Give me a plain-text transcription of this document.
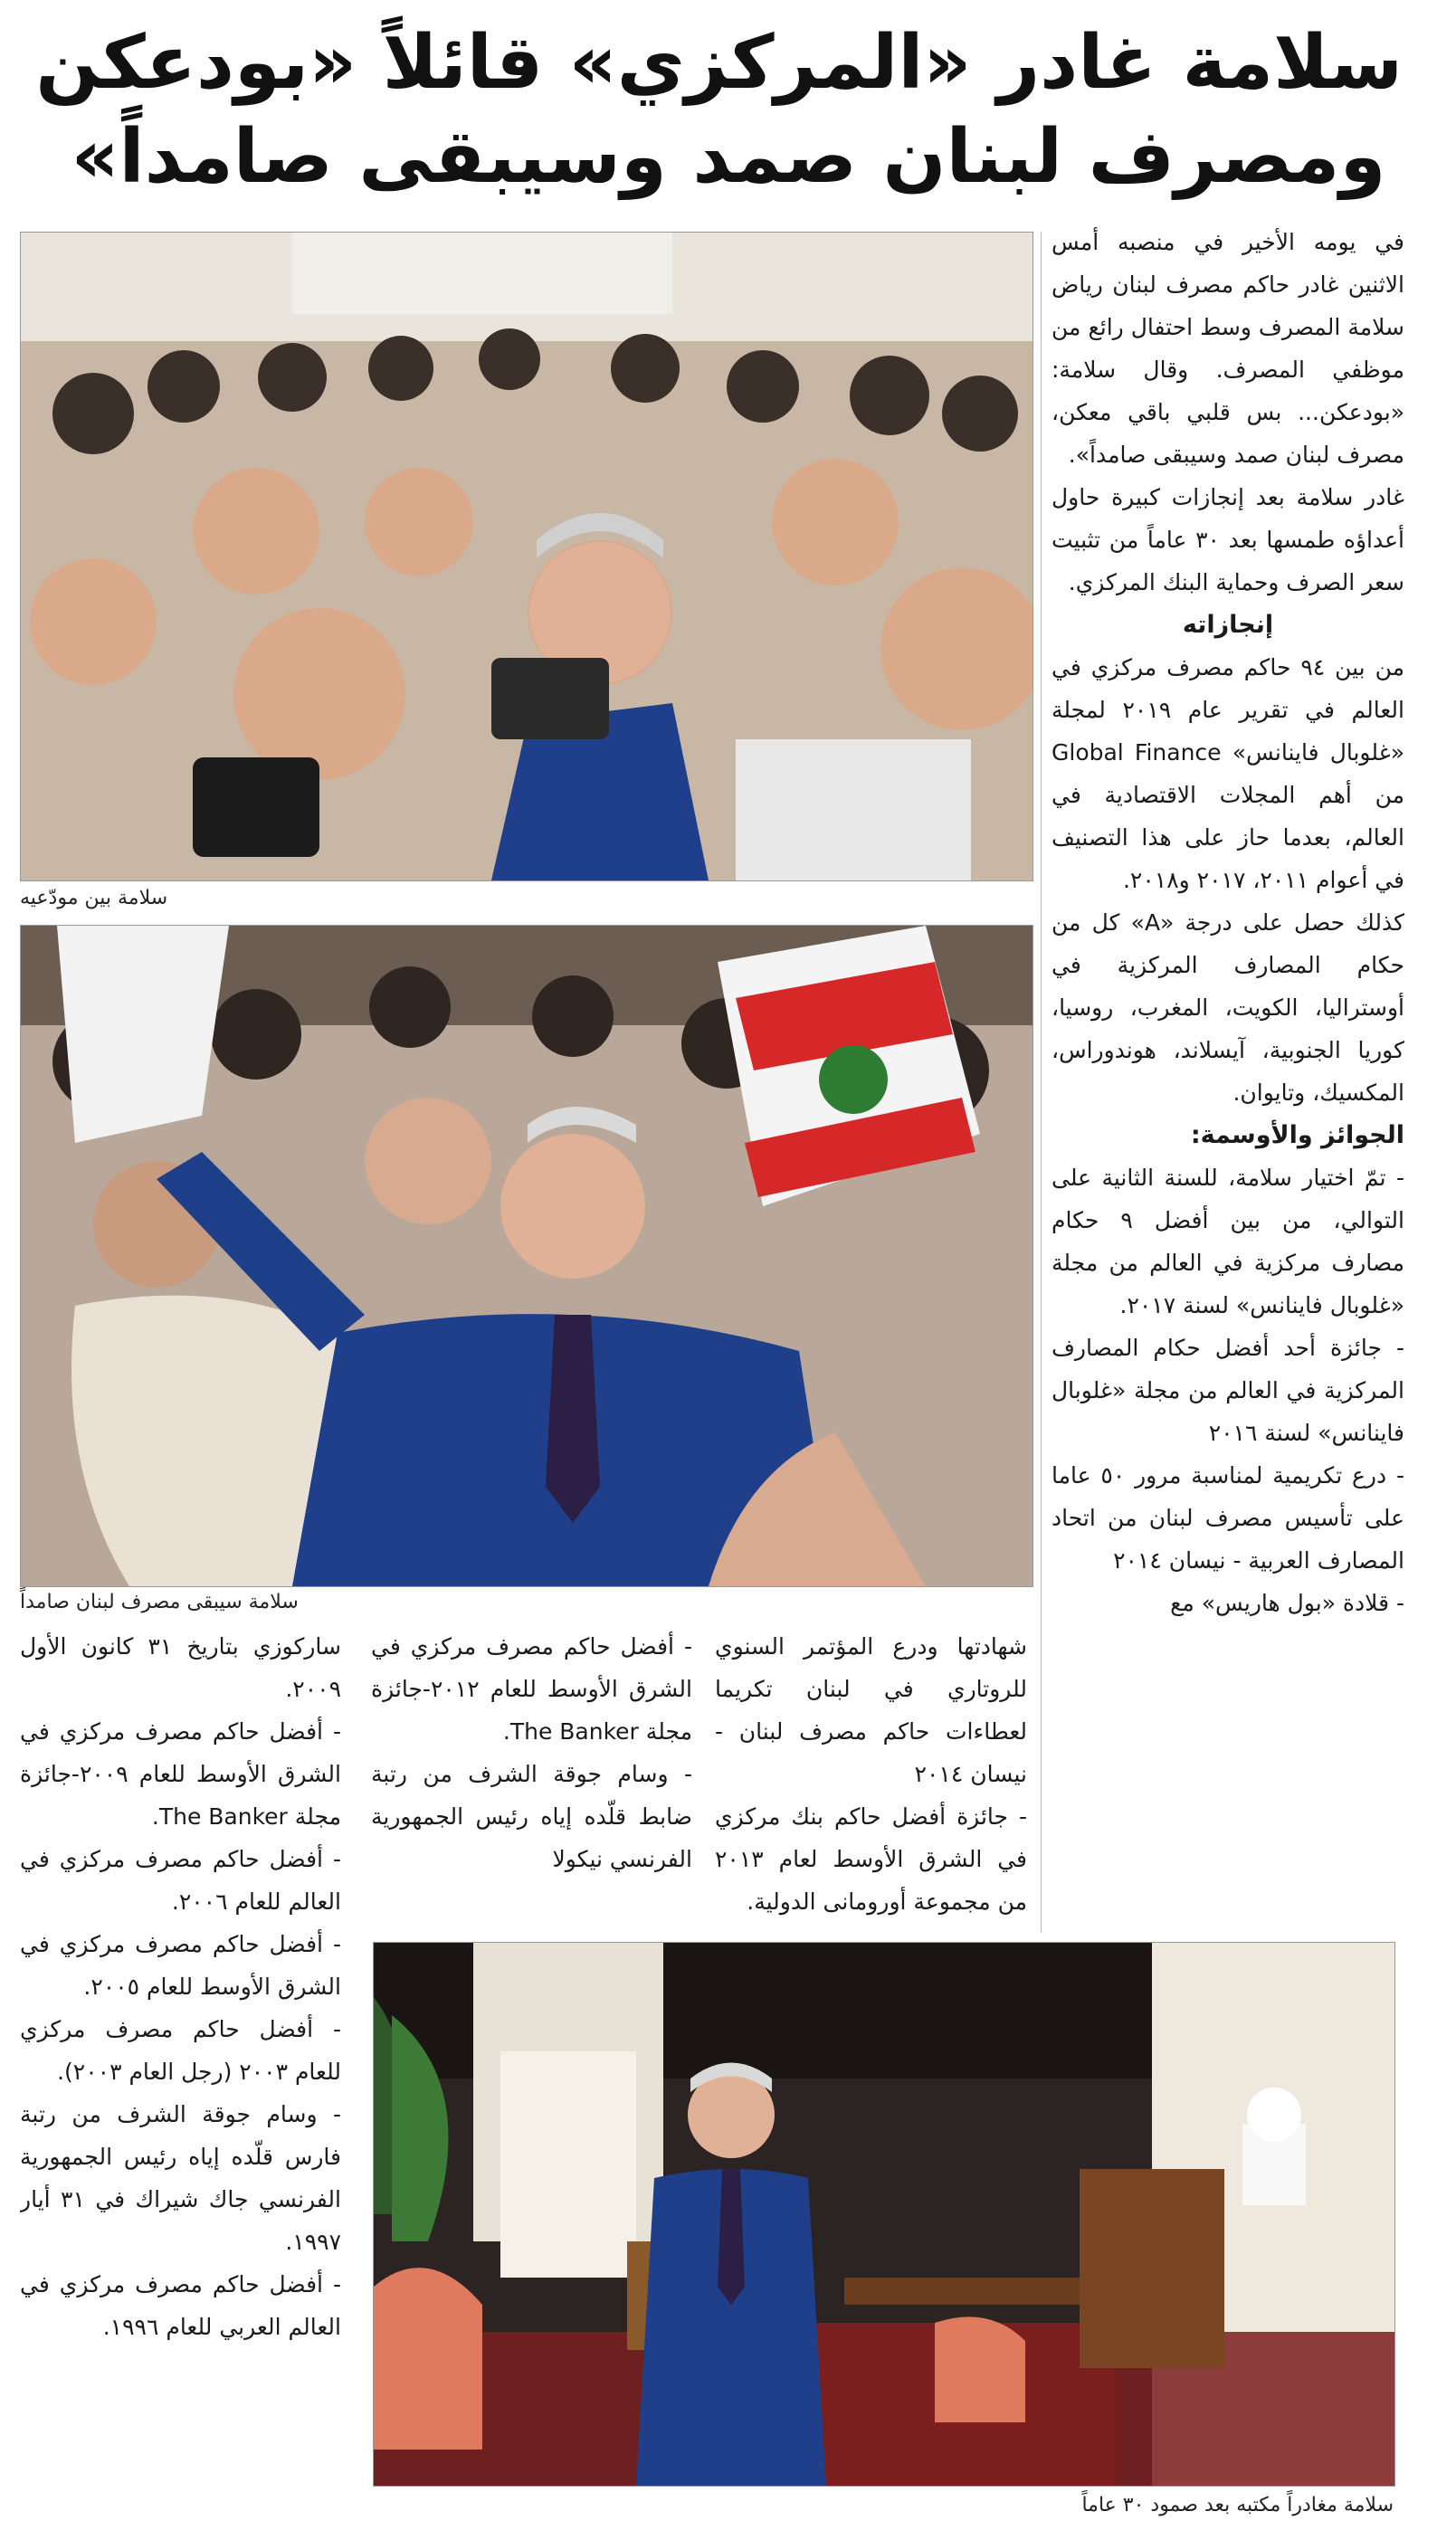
سلامة غادر «المركزي» قائلاً «بودعكن
ومصرف لبنان صمد وسيبقى صامداً»
سلامة بين مودّعيه
سلامة سيبقى مصرف لبنان صامداً

في يومه الأخير في منصبه أمس الاثنين غادر حاكم مصرف لبنان رياض سلامة المصرف وسط احتفال رائع من موظفي المصرف. وقال سلامة: «بودعكن... بس قلبي باقي معكن، مصرف لبنان صمد وسيبقى صامداً».

غادر سلامة بعد إنجازات كبيرة حاول أعداؤه طمسها بعد ٣٠ عاماً من تثبيت سعر الصرف وحماية البنك المركزي.

إنجازاته

من بين ٩٤ حاكم مصرف مركزي في العالم في تقرير عام ٢٠١٩ لمجلة «غلوبال فاينانس» Global Finance من أهم المجلات الاقتصادية في العالم، بعدما حاز على هذا التصنيف في أعوام ٢٠١١، ٢٠١٧ و٢٠١٨.

كذلك حصل على درجة «A» كل من حكام المصارف المركزية في أوستراليا، الكويت، المغرب، روسيا، كوريا الجنوبية، آيسلاند، هوندوراس، المكسيك، وتايوان.

الجوائز والأوسمة:

- تمّ اختيار سلامة، للسنة الثانية على التوالي، من بين أفضل ٩ حكام مصارف مركزية في العالم من مجلة «غلوبال فاينانس» لسنة ٢٠١٧.

- جائزة أحد أفضل حكام المصارف المركزية في العالم من مجلة «غلوبال فاينانس» لسنة ٢٠١٦

- درع تكريمية لمناسبة مرور ٥٠ عاما على تأسيس مصرف لبنان من اتحاد المصارف العربية - نيسان ٢٠١٤

- قلادة «بول هاريس» مع

شهادتها ودرع المؤتمر السنوي للروتاري في لبنان تكريما لعطاءات حاكم مصرف لبنان - نيسان ٢٠١٤

- جائزة أفضل حاكم بنك مركزي في الشرق الأوسط لعام ٢٠١٣ من مجموعة أورومانى الدولية.

- أفضل حاكم مصرف مركزي في الشرق الأوسط للعام ٢٠١٢-جائزة مجلة The Banker.

- وسام جوقة الشرف من رتبة ضابط قلّده إياه رئيس الجمهورية الفرنسي نيكولا

ساركوزي بتاريخ ٣١ كانون الأول ٢٠٠٩.

- أفضل حاكم مصرف مركزي في الشرق الأوسط للعام ٢٠٠٩-جائزة مجلة The Banker.

- أفضل حاكم مصرف مركزي في العالم للعام ٢٠٠٦.

- أفضل حاكم مصرف مركزي في الشرق الأوسط للعام ٢٠٠٥.

- أفضل حاكم مصرف مركزي للعام ٢٠٠٣ (رجل العام ٢٠٠٣).

- وسام جوقة الشرف من رتبة فارس قلّده إياه رئيس الجمهورية الفرنسي جاك شيراك في ٣١ أيار ١٩٩٧.

- أفضل حاكم مصرف مركزي في العالم العربي للعام ١٩٩٦.

سلامة مغادراً مكتبه بعد صمود ٣٠ عاماً
